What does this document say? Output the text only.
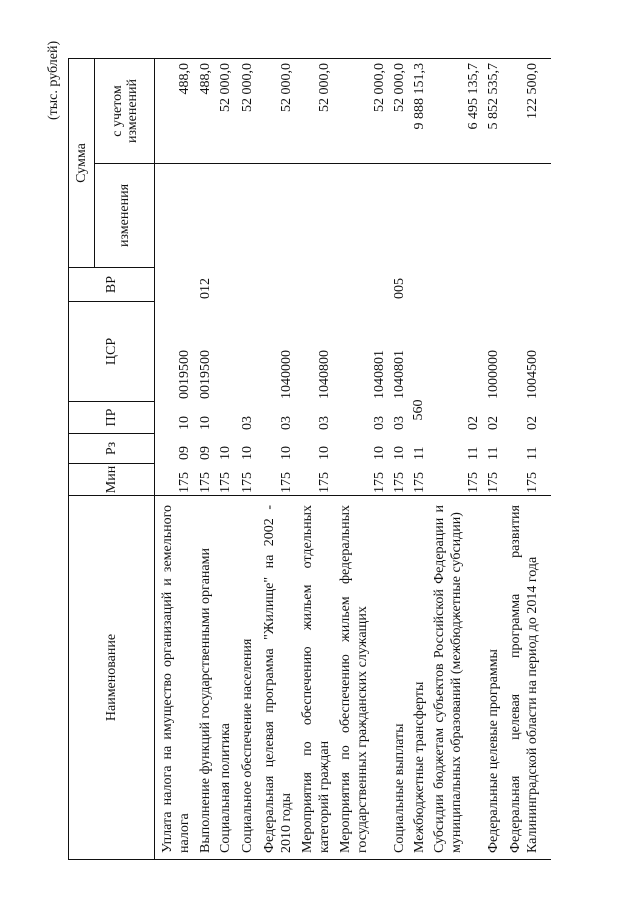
560
(тыс. рублей)
Наименование
Мин
Рз
ПР
ЦСР
ВР
Сумма
изменения
с учетом изменений
Уплата налога на имущество организаций и земельного налога
175
09
10
0019500
488,0
Выполнение функций государственными органами
175
09
10
0019500
012
488,0
Социальная политика
175
10
52 000,0
Социальное обеспечение населения
175
10
03
52 000,0
Федеральная целевая программа "Жилище" на 2002 - 2010 годы
175
10
03
1040000
52 000,0
Мероприятия по обеспечению жильем отдельных категорий граждан
175
10
03
1040800
52 000,0
Мероприятия по обеспечению жильем федеральных государственных гражданских служащих
175
10
03
1040801
52 000,0
Социальные выплаты
175
10
03
1040801
005
52 000,0
Межбюджетные трансферты
175
11
9 888 151,3
Субсидии бюджетам субъектов Российской Федерации и муниципальных образований (межбюджетные субсидии)
175
11
02
6 495 135,7
Федеральные целевые программы
175
11
02
1000000
5 852 535,7
Федеральная целевая программа развития Калининградской области на период до 2014 года
175
11
02
1004500
122 500,0
